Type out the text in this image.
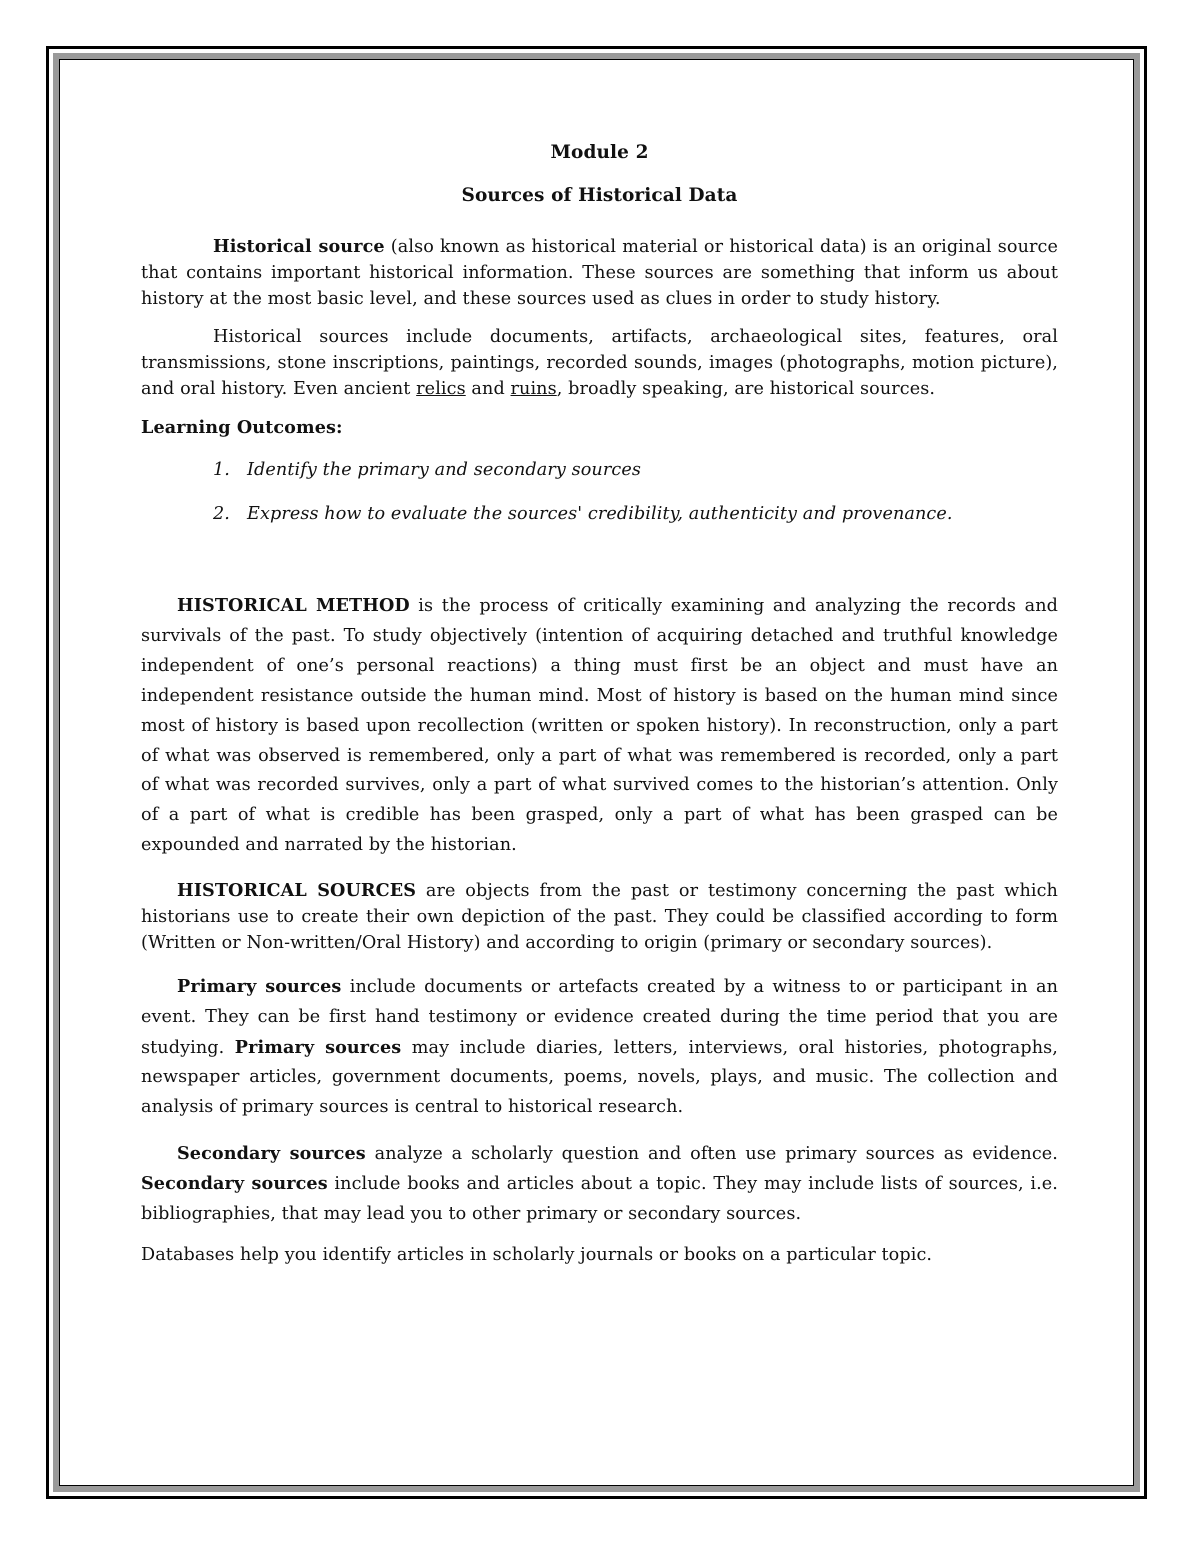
Module 2

Sources of Historical Data

Historical source (also known as historical material or historical data) is an original source that contains important historical information. These sources are something that inform us about history at the most basic level, and these sources used as clues in order to study history.

Historical sources include documents, artifacts, archaeological sites, features, oral transmissions, stone inscriptions, paintings, recorded sounds, images (photographs, motion picture), and oral history. Even ancient relics and ruins, broadly speaking, are historical sources.

Learning Outcomes:

1. Identify the primary and secondary sources
2. Express how to evaluate the sources' credibility, authenticity and provenance.

HISTORICAL METHOD is the process of critically examining and analyzing the records and survivals of the past. To study objectively (intention of acquiring detached and truthful knowledge independent of one’s personal reactions) a thing must first be an object and must have an independent resistance outside the human mind. Most of history is based on the human mind since most of history is based upon recollection (written or spoken history). In reconstruction, only a part of what was observed is remembered, only a part of what was remembered is recorded, only a part of what was recorded survives, only a part of what survived comes to the historian’s attention. Only of a part of what is credible has been grasped, only a part of what has been grasped can be expounded and narrated by the historian.

HISTORICAL SOURCES are objects from the past or testimony concerning the past which historians use to create their own depiction of the past. They could be classified according to form (Written or Non-written/Oral History) and according to origin (primary or secondary sources).

Primary sources include documents or artefacts created by a witness to or participant in an event. They can be first hand testimony or evidence created during the time period that you are studying. Primary sources may include diaries, letters, interviews, oral histories, photographs, newspaper articles, government documents, poems, novels, plays, and music. The collection and analysis of primary sources is central to historical research.

Secondary sources analyze a scholarly question and often use primary sources as evidence. Secondary sources include books and articles about a topic. They may include lists of sources, i.e. bibliographies, that may lead you to other primary or secondary sources.

Databases help you identify articles in scholarly journals or books on a particular topic.
